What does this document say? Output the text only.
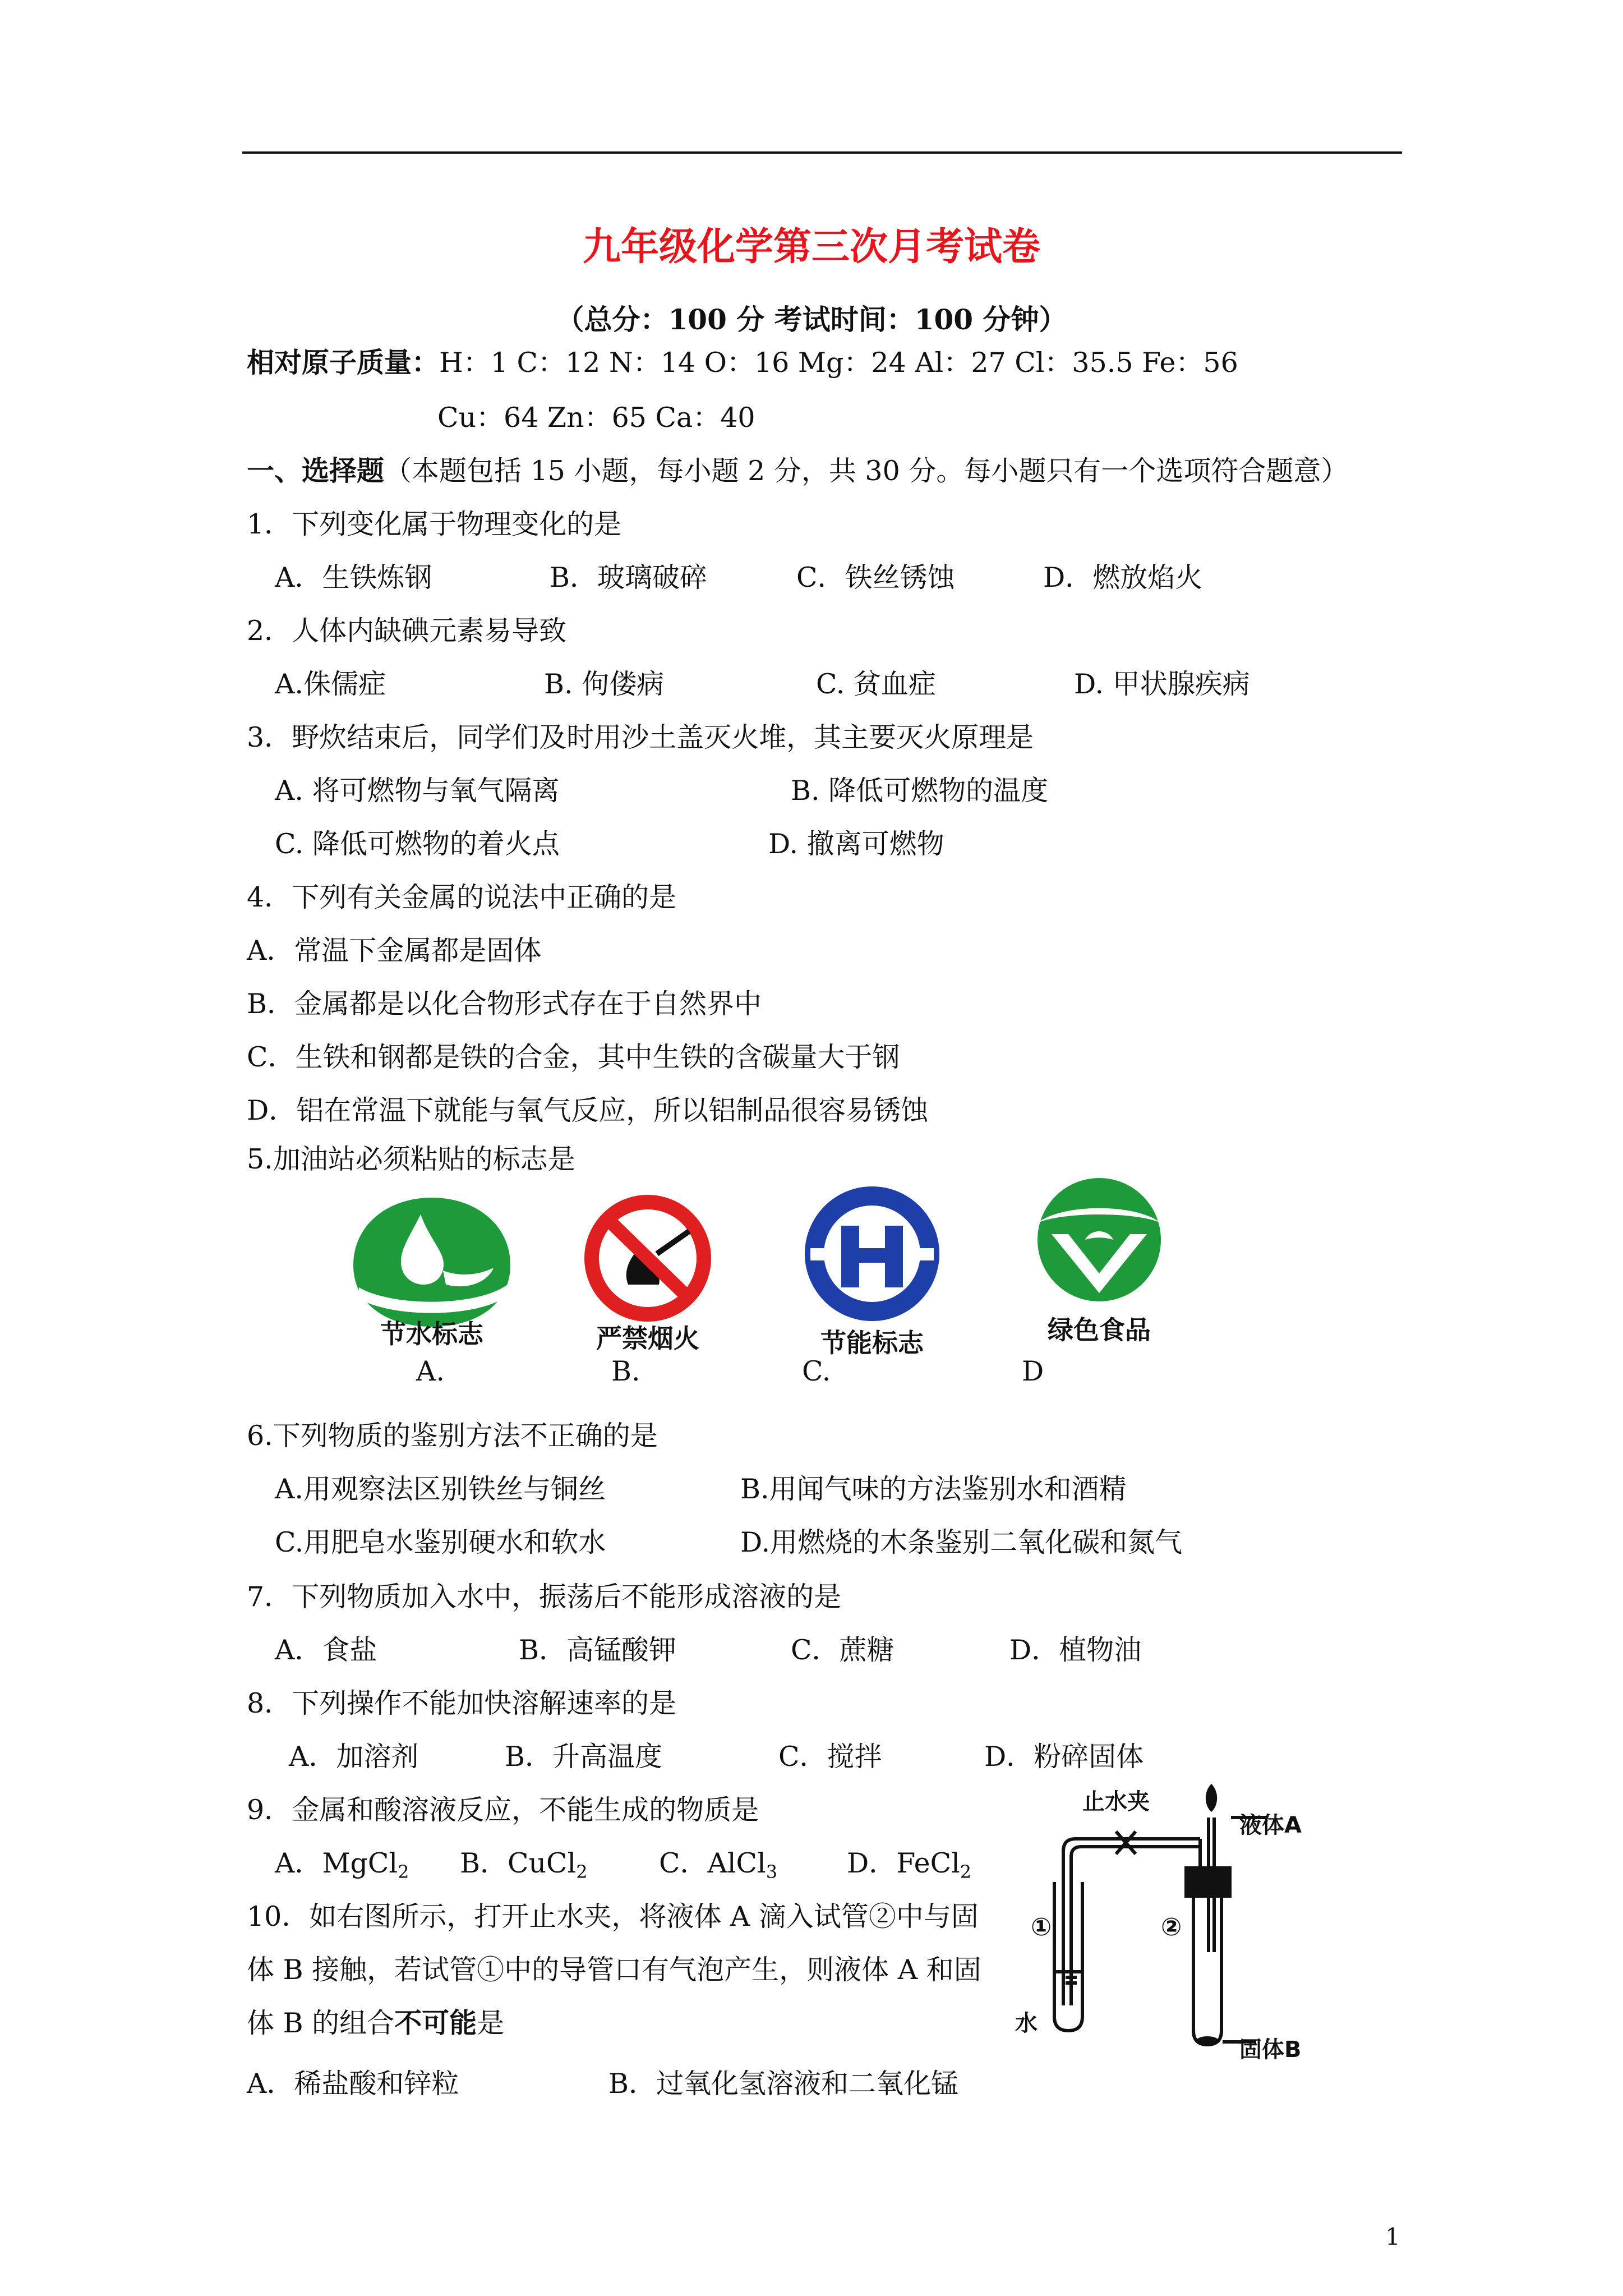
九年级化学第三次月考试卷
（总分：100 分 考试时间：100 分钟）
相对原子质量：H：1 C：12 N：14 O：16 Mg：24 Al：27 Cl：35.5 Fe：56
Cu：64 Zn：65 Ca：40
一、选择题（本题包括 15 小题，每小题 2 分，共 30 分。每小题只有一个选项符合题意）
1．下列变化属于物理变化的是
A．生铁炼钢	B．玻璃破碎	C．铁丝锈蚀	D．燃放焰火
2．人体内缺碘元素易导致
A.侏儒症	B. 佝偻病	C. 贫血症	D. 甲状腺疾病
3．野炊结束后，同学们及时用沙土盖灭火堆，其主要灭火原理是
A. 将可燃物与氧气隔离	B. 降低可燃物的温度
C. 降低可燃物的着火点	D. 撤离可燃物
4．下列有关金属的说法中正确的是
A．常温下金属都是固体
B．金属都是以化合物形式存在于自然界中
C．生铁和钢都是铁的合金，其中生铁的含碳量大于钢
D．铝在常温下就能与氧气反应，所以铝制品很容易锈蚀
5.加油站必须粘贴的标志是
节水标志	严禁烟火	节能标志	绿色食品
A.	B.	C.	D
6.下列物质的鉴别方法不正确的是
A.用观察法区别铁丝与铜丝	B.用闻气味的方法鉴别水和酒精
C.用肥皂水鉴别硬水和软水	D.用燃烧的木条鉴别二氧化碳和氮气
7．下列物质加入水中，振荡后不能形成溶液的是
A．食盐	B．高锰酸钾	C．蔗糖	D．植物油
8．下列操作不能加快溶解速率的是
A．加溶剂	B．升高温度	C．搅拌	D．粉碎固体
9．金属和酸溶液反应，不能生成的物质是
A．MgCl$_2$ B．CuCl$_2$	C．AlCl$_3$	D．FeCl$_2$
10．如右图所示，打开止水夹，将液体 A 滴入试管②中与固
体 B 接触，若试管①中的导管口有气泡产生，则液体 A 和固
体 B 的组合不可能是
A．稀盐酸和锌粒	B．过氧化氢溶液和二氧化锰
止水夹
液体A
①	②
水
固体B
1
